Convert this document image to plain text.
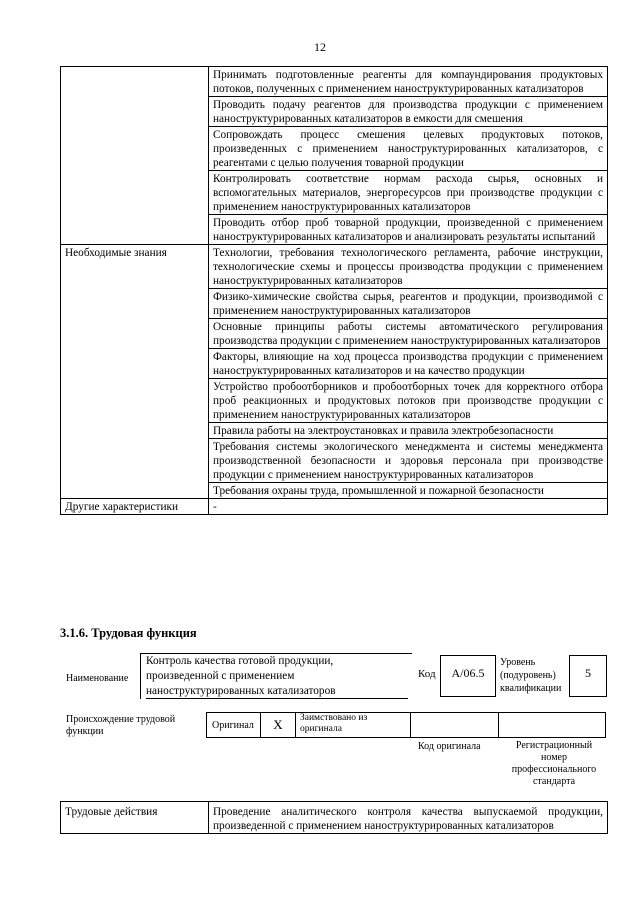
12
	Принимать подготовленные реагенты для компаундирования продуктовых потоков, полученных с применением наноструктурированных катализаторов
	Проводить подачу реагентов для производства продукции с применением наноструктурированных катализаторов в емкости для смешения
	Сопровождать процесс смешения целевых продуктовых потоков, произведенных с применением наноструктурированных катализаторов, с реагентами с целью получения товарной продукции
	Контролировать соответствие нормам расхода сырья, основных и вспомогательных материалов, энергоресурсов при производстве продукции с применением наноструктурированных катализаторов
	Проводить отбор проб товарной продукции, произведенной с применением наноструктурированных катализаторов и анализировать результаты испытаний
Необходимые знания	Технологии, требования технологического регламента, рабочие инструкции, технологические схемы и процессы производства продукции с применением наноструктурированных катализаторов
	Физико-химические свойства сырья, реагентов и продукции, производимой с применением наноструктурированных катализаторов
	Основные принципы работы системы автоматического регулирования производства продукции с применением наноструктурированных катализаторов
	Факторы, влияющие на ход процесса производства продукции с применением наноструктурированных катализаторов и на качество продукции
	Устройство пробоотборников и пробоотборных точек для корректного отбора проб реакционных и продуктовых потоков при производстве продукции с применением наноструктурированных катализаторов
	Правила работы на электроустановках и правила электробезопасности
	Требования системы экологического менеджмента и системы менеджмента производственной безопасности и здоровья персонала при производстве продукции с применением наноструктурированных катализаторов
	Требования охраны труда, промышленной и пожарной безопасности
Другие характеристики	-
3.1.6. Трудовая функция
Наименование
Контроль качества готовой продукции, произведенной с применением наноструктурированных катализаторов
Код	А/06.5
Уровень (подуровень) квалификации
5
Происхождение трудовой функции
Оригинал	X	Заимствовано из оригинала
Код оригинала	Регистрационный номер профессионального стандарта
Трудовые действия	Проведение аналитического контроля качества выпускаемой продукции, произведенной с применением наноструктурированных катализаторов
